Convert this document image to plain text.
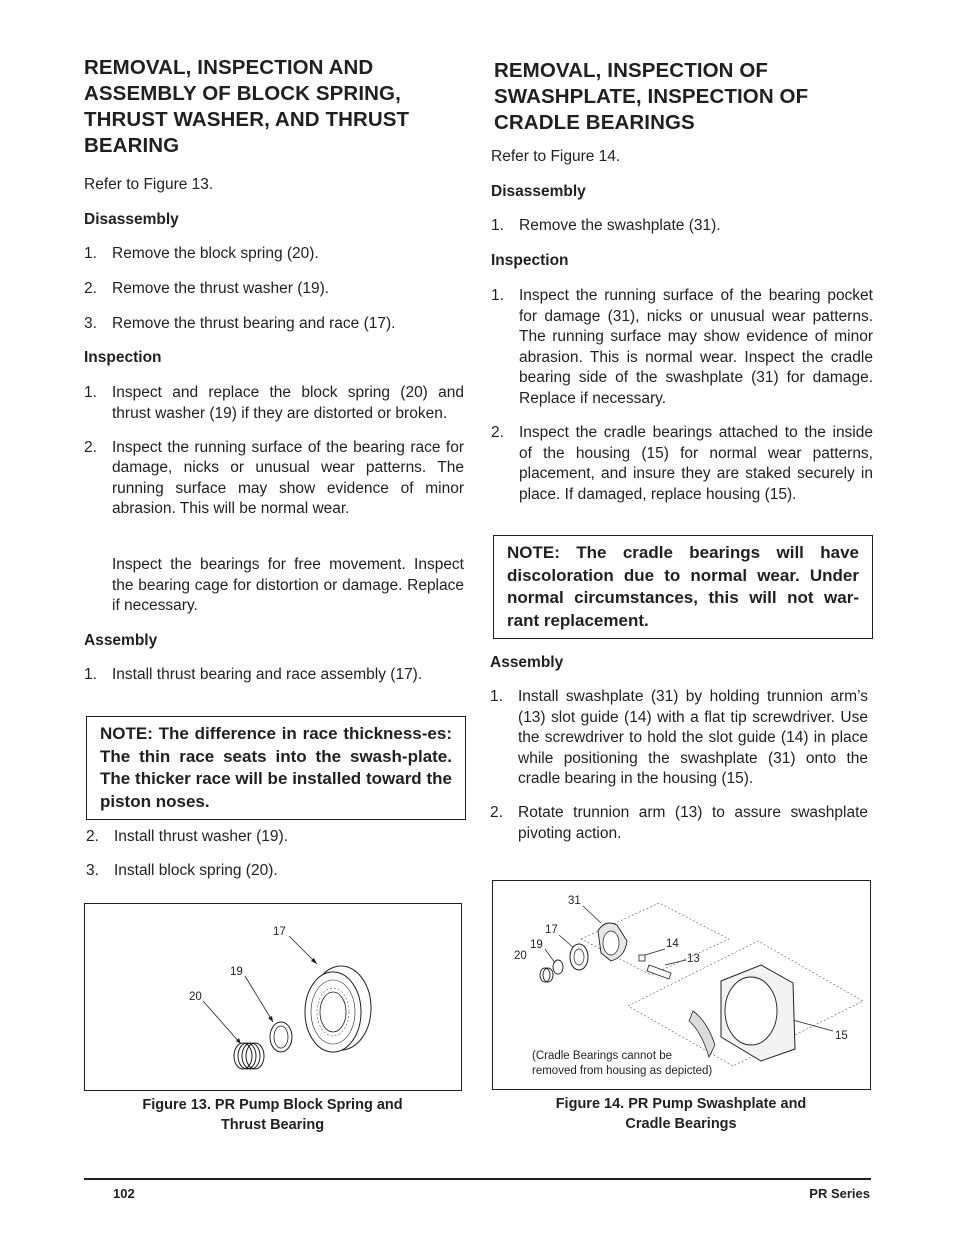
REMOVAL, INSPECTION AND ASSEMBLY OF BLOCK SPRING, THRUST WASHER, AND THRUST BEARING

Refer to Figure 13.

Disassembly
1. Remove the block spring (20).
2. Remove the thrust washer (19).
3. Remove the thrust bearing and race (17).
Inspection
1. Inspect and replace the block spring (20) and thrust washer (19) if they are distorted or broken.
2. Inspect the running surface of the bearing race for damage, nicks or unusual wear patterns. The running surface may show evidence of minor abrasion. This will be normal wear.

Inspect the bearings for free movement. Inspect the bearing cage for distortion or damage. Replace if necessary.

Assembly
1. Install thrust bearing and race assembly (17).
NOTE: The difference in race thickness-es: The thin race seats into the swash-plate. The thicker race will be installed toward the piston noses.
2. Install thrust washer (19).
3. Install block spring (20).
17
19
20
Figure 13. PR Pump Block Spring and
Thrust Bearing
REMOVAL, INSPECTION OF SWASHPLATE, INSPECTION OF CRADLE BEARINGS

Refer to Figure 14.

Disassembly
1. Remove the swashplate (31).
Inspection
1. Inspect the running surface of the bearing pocket for damage (31), nicks or unusual wear patterns. The running surface may show evidence of minor abrasion. This is normal wear. Inspect the cradle bearing side of the swashplate (31) for damage. Replace if necessary.
2. Inspect the cradle bearings attached to the inside of the housing (15) for normal wear patterns, placement, and insure they are staked securely in place. If damaged, replace housing (15).
NOTE: The cradle bearings will have discoloration due to normal wear. Under normal circumstances, this will not war-rant replacement.
Assembly
1. Install swashplate (31) by holding trunnion arm’s (13) slot guide (14) with a flat tip screwdriver. Use the screwdriver to hold the slot guide (14) in place while positioning the swashplate (31) onto the cradle bearing in the housing (15).
2. Rotate trunnion arm (13) to assure swashplate pivoting action.
31
17
19
20
14
13
15
(Cradle Bearings cannot be
removed from housing as depicted)
Figure 14. PR Pump Swashplate and
Cradle Bearings
102	PR Series
